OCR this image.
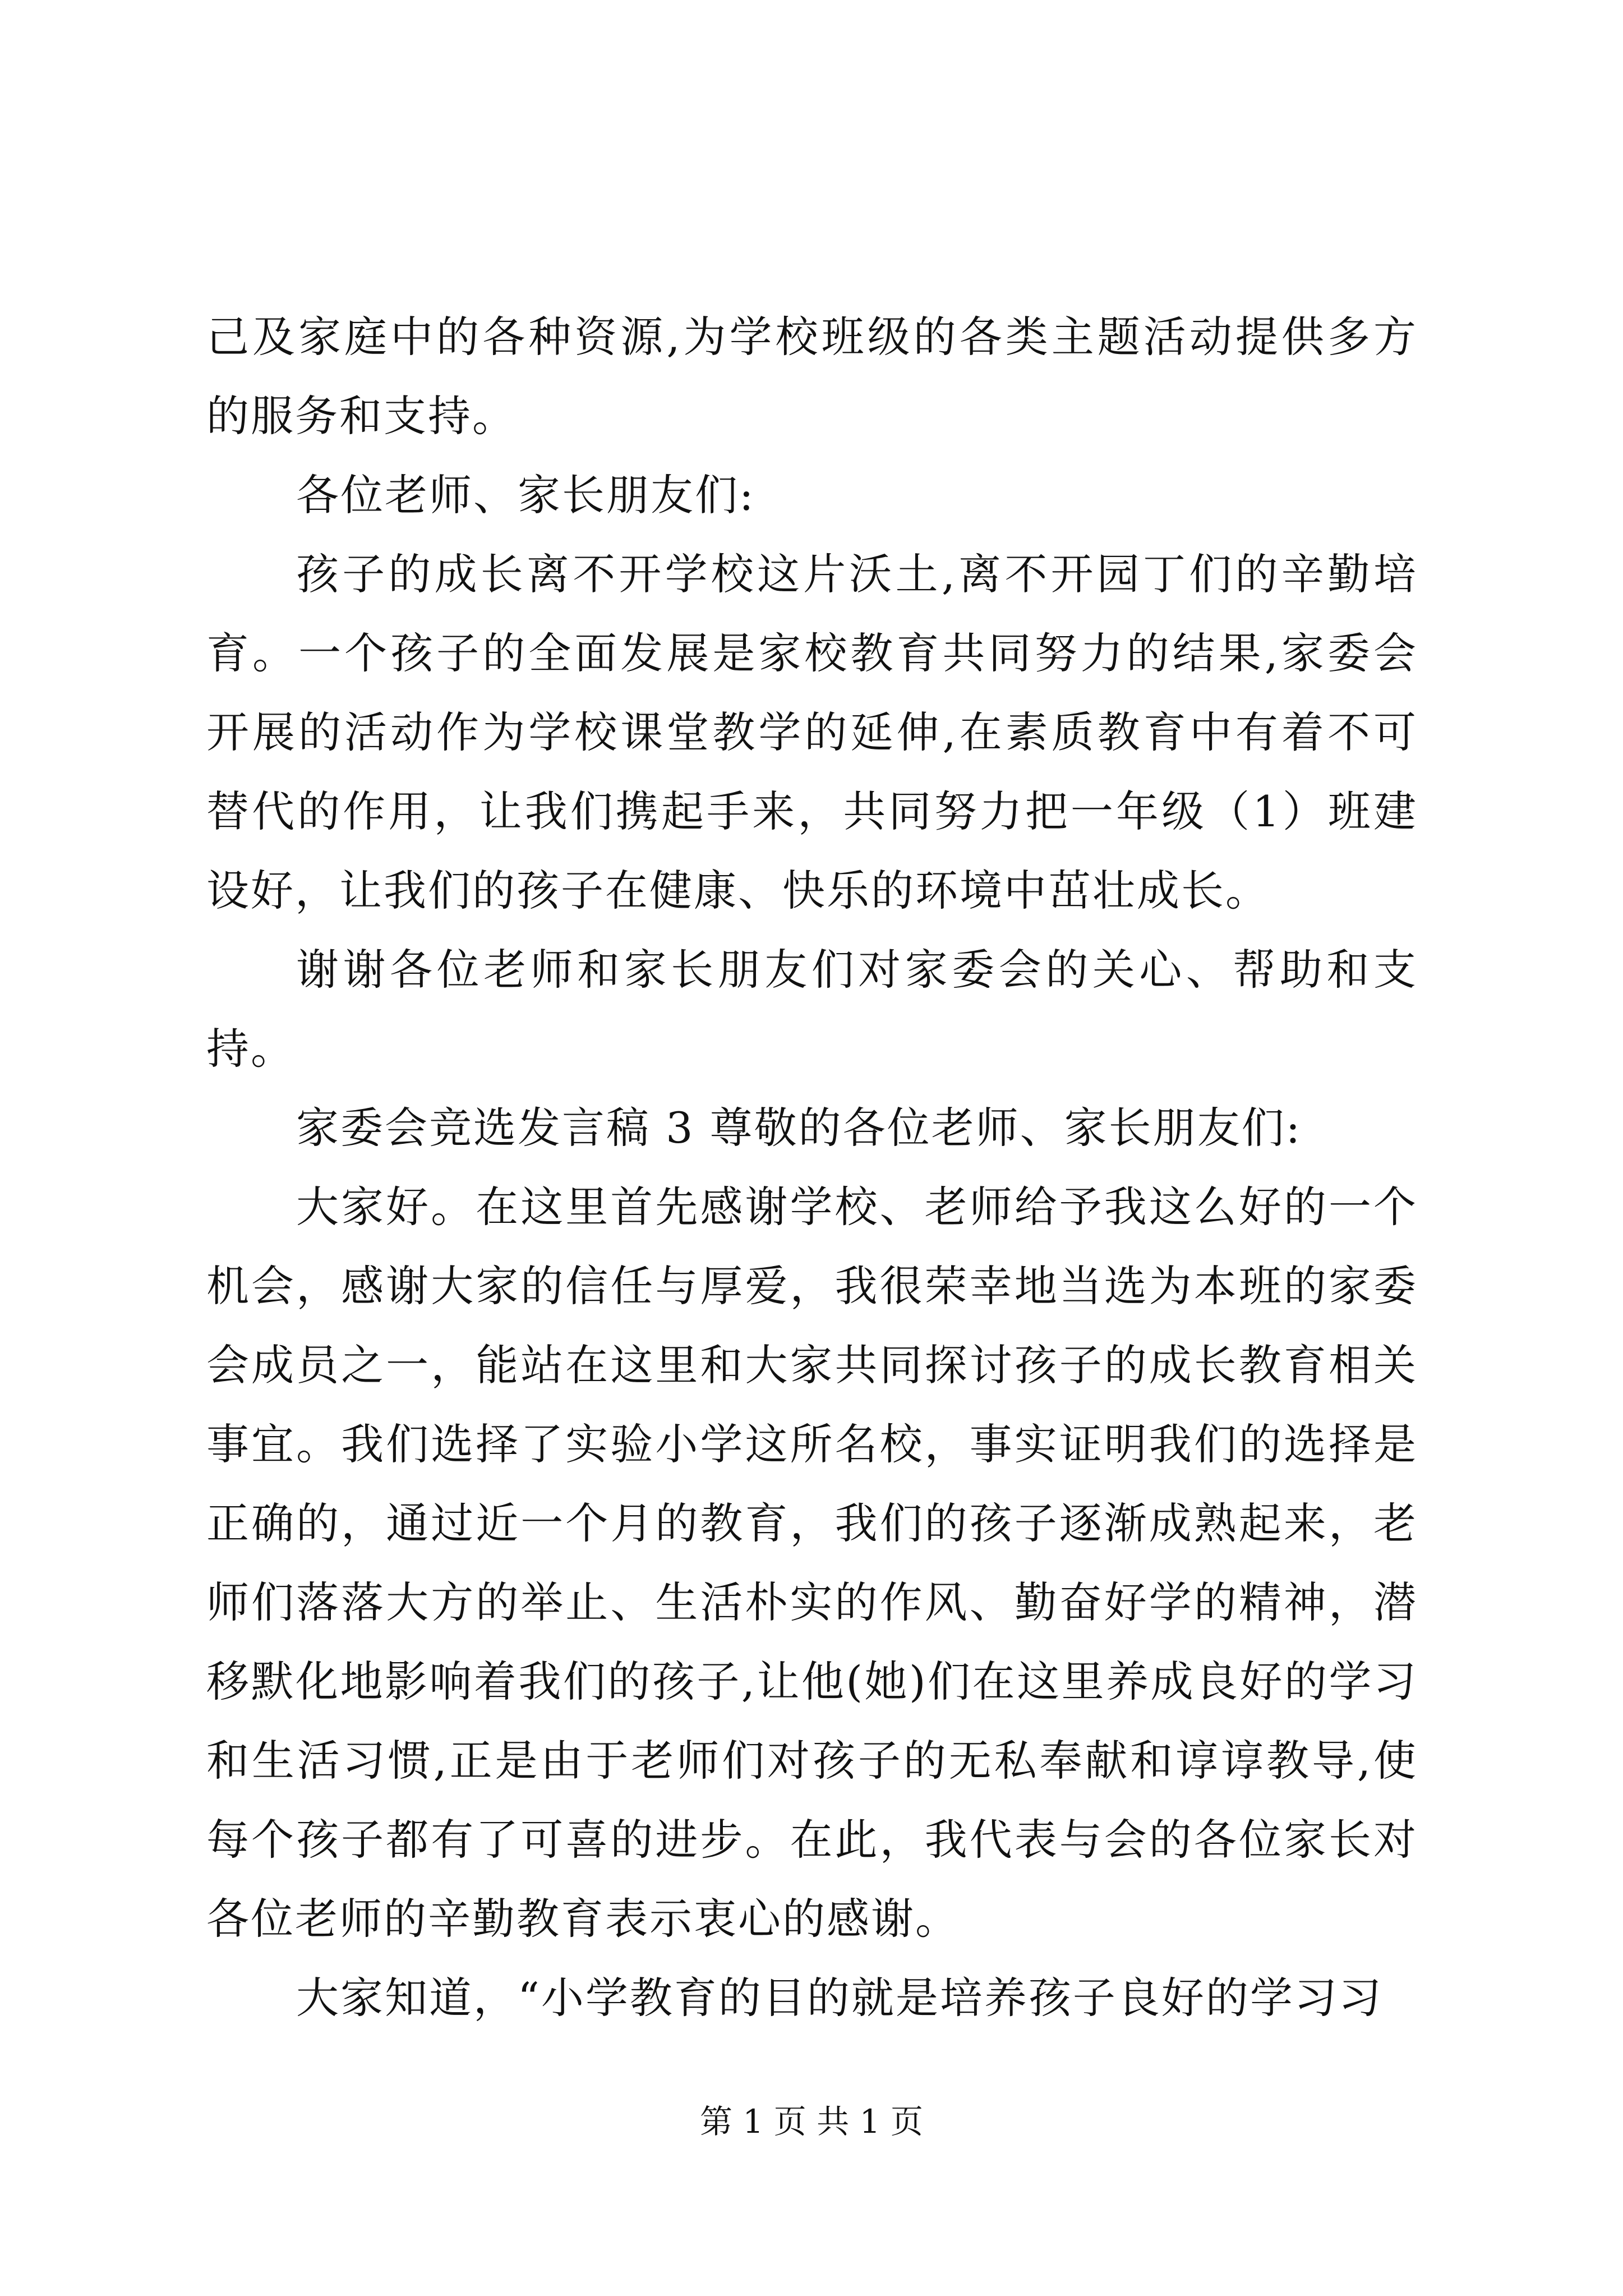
己及家庭中的各种资源,为学校班级的各类主题活动提供多方的服务和支持。

各位老师、家长朋友们:

孩子的成长离不开学校这片沃土,离不开园丁们的辛勤培育。一个孩子的全面发展是家校教育共同努力的结果,家委会开展的活动作为学校课堂教学的延伸,在素质教育中有着不可替代的作用，让我们携起手来，共同努力把一年级（1）班建设好，让我们的孩子在健康、快乐的环境中茁壮成长。

谢谢各位老师和家长朋友们对家委会的关心、帮助和支持。

家委会竞选发言稿 3 尊敬的各位老师、家长朋友们:

大家好。在这里首先感谢学校、老师给予我这么好的一个机会，感谢大家的信任与厚爱，我很荣幸地当选为本班的家委会成员之一，能站在这里和大家共同探讨孩子的成长教育相关事宜。我们选择了实验小学这所名校，事实证明我们的选择是正确的，通过近一个月的教育，我们的孩子逐渐成熟起来，老师们落落大方的举止、生活朴实的作风、勤奋好学的精神，潜移默化地影响着我们的孩子,让他(她)们在这里养成良好的学习和生活习惯,正是由于老师们对孩子的无私奉献和谆谆教导,使每个孩子都有了可喜的进步。在此，我代表与会的各位家长对各位老师的辛勤教育表示衷心的感谢。

大家知道，“小学教育的目的就是培养孩子良好的学习习

第 1 页 共 1 页
